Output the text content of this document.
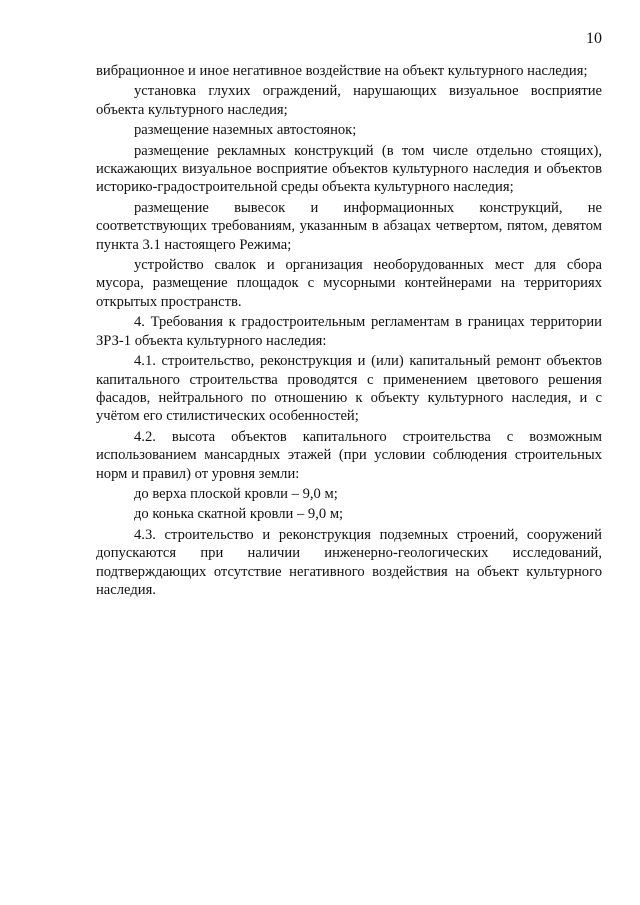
10

вибрационное и иное негативное воздействие на объект культурного наследия;

установка глухих ограждений, нарушающих визуальное восприятие объекта культурного наследия;

размещение наземных автостоянок;

размещение рекламных конструкций (в том числе отдельно стоящих), искажающих визуальное восприятие объектов культурного наследия и объектов историко-градостроительной среды объекта культурного наследия;

размещение вывесок и информационных конструкций, не соответствующих требованиям, указанным в абзацах четвертом, пятом, девятом пункта 3.1 настоящего Режима;

устройство свалок и организация необорудованных мест для сбора мусора, размещение площадок с мусорными контейнерами на территориях открытых пространств.

4. Требования к градостроительным регламентам в границах территории ЗРЗ-1 объекта культурного наследия:

4.1. строительство, реконструкция и (или) капитальный ремонт объектов капитального строительства проводятся с применением цветового решения фасадов, нейтрального по отношению к объекту культурного наследия, и с учётом его стилистических особенностей;

4.2. высота объектов капитального строительства с возможным использованием мансардных этажей (при условии соблюдения строительных норм и правил) от уровня земли:

до верха плоской кровли – 9,0 м;

до конька скатной кровли – 9,0 м;

4.3. строительство и реконструкция подземных строений, сооружений допускаются при наличии инженерно-геологических исследований, подтверждающих отсутствие негативного воздействия на объект культурного наследия.
